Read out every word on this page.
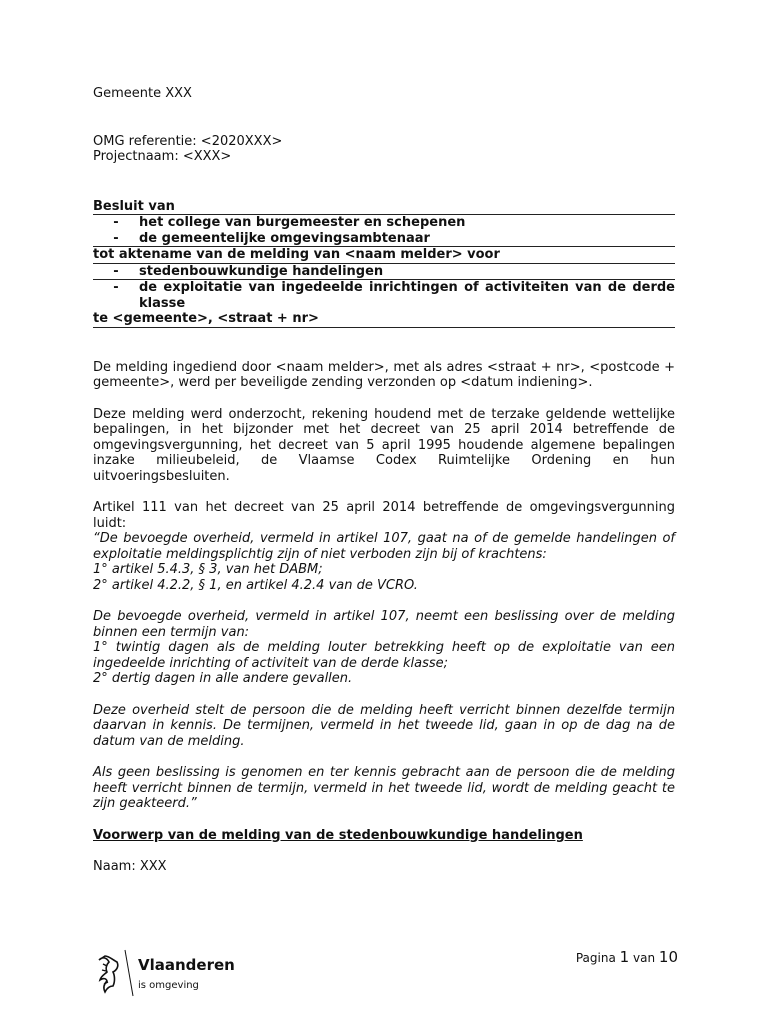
Gemeente XXX

OMG referentie: <2020XXX>

Projectnaam: <XXX>

Besluit van
-	het college van burgemeester en schepenen
-	de gemeentelijke omgevingsambtenaar
tot aktename van de melding van <naam melder> voor
-	stedenbouwkundige handelingen
-	de exploitatie van ingedeelde inrichtingen of activiteiten van de derde klasse
te <gemeente>, <straat + nr>

De melding ingediend door <naam melder>, met als adres <straat + nr>, <postcode + gemeente>, werd per beveiligde zending verzonden op <datum indiening>.

Deze melding werd onderzocht, rekening houdend met de terzake geldende wettelijke bepalingen, in het bijzonder met het decreet van 25 april 2014 betreffende de omgevingsvergunning, het decreet van 5 april 1995 houdende algemene bepalingen inzake milieubeleid, de Vlaamse Codex Ruimtelijke Ordening en hun uitvoeringsbesluiten.

Artikel 111 van het decreet van 25 april 2014 betreffende de omgevingsvergunning luidt:

“De bevoegde overheid, vermeld in artikel 107, gaat na of de gemelde handelingen of exploitatie meldingsplichtig zijn of niet verboden zijn bij of krachtens:

1° artikel 5.4.3, § 3, van het DABM;

2° artikel 4.2.2, § 1, en artikel 4.2.4 van de VCRO.

De bevoegde overheid, vermeld in artikel 107, neemt een beslissing over de melding binnen een termijn van:

1° twintig dagen als de melding louter betrekking heeft op de exploitatie van een ingedeelde inrichting of activiteit van de derde klasse;

2° dertig dagen in alle andere gevallen.

Deze overheid stelt de persoon die de melding heeft verricht binnen dezelfde termijn daarvan in kennis. De termijnen, vermeld in het tweede lid, gaan in op de dag na de datum van de melding.

Als geen beslissing is genomen en ter kennis gebracht aan de persoon die de melding heeft verricht binnen de termijn, vermeld in het tweede lid, wordt de melding geacht te zijn geakteerd.”

Voorwerp van de melding van de stedenbouwkundige handelingen

Naam: XXX

Vlaanderen
is omgeving
Pagina 1 van 10
